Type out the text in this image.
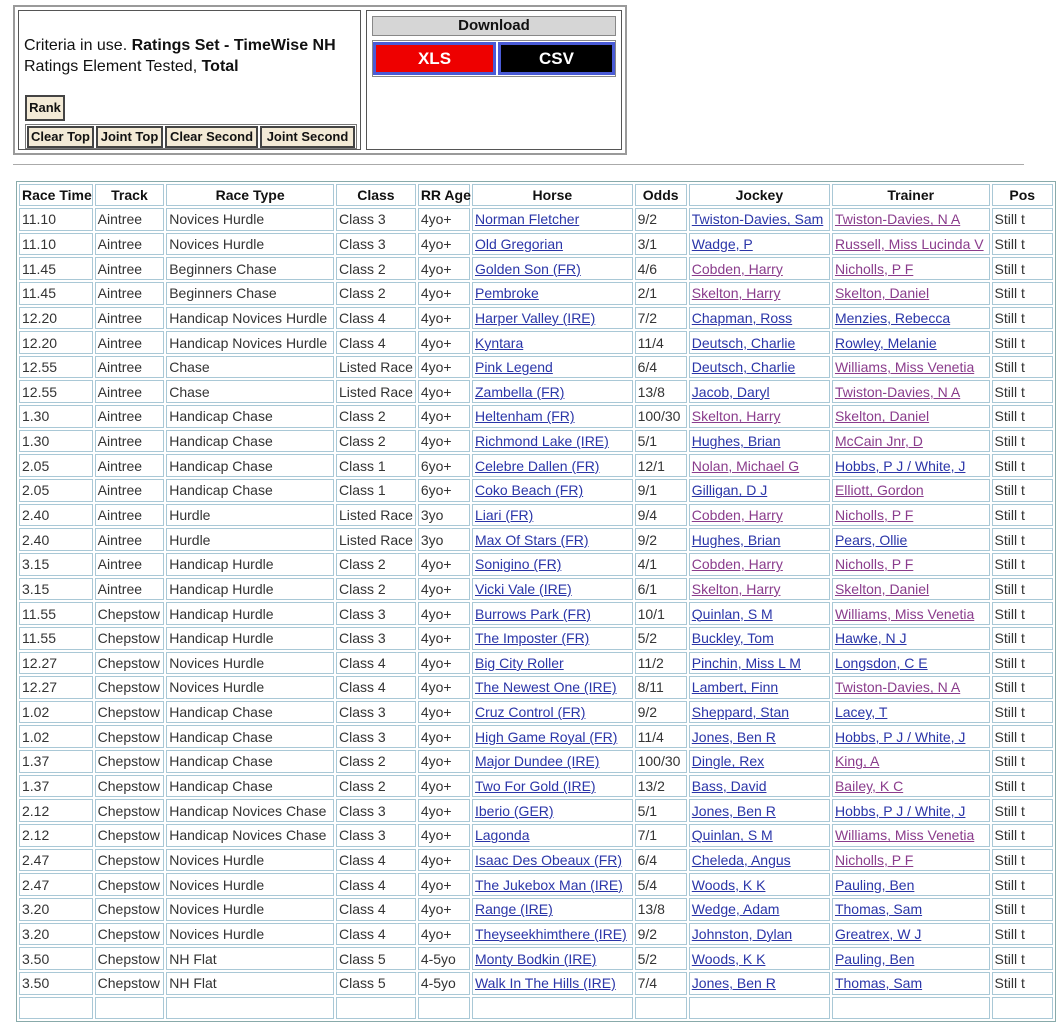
Criteria in use. Ratings Set - TimeWise NH
Ratings Element Tested, Total
Rank
Clear Top Joint Top Clear Second	Joint Second
Download
XLS	CSV
Race Time	Track	Race Type	Class	RR Age	Horse	Odds	Jockey	Trainer	Pos
11.10	Aintree	Novices Hurdle	Class 3	4yo+	Norman Fletcher	9/2	Twiston-Davies, Sam	Twiston-Davies, N A	Still t
11.10	Aintree	Novices Hurdle	Class 3	4yo+	Old Gregorian	3/1	Wadge, P	Russell, Miss Lucinda V	Still t
11.45	Aintree	Beginners Chase	Class 2	4yo+	Golden Son (FR)	4/6	Cobden, Harry	Nicholls, P F	Still t
11.45	Aintree	Beginners Chase	Class 2	4yo+	Pembroke	2/1	Skelton, Harry	Skelton, Daniel	Still t
12.20	Aintree	Handicap Novices Hurdle	Class 4	4yo+	Harper Valley (IRE)	7/2	Chapman, Ross	Menzies, Rebecca	Still t
12.20	Aintree	Handicap Novices Hurdle	Class 4	4yo+	Kyntara	11/4	Deutsch, Charlie	Rowley, Melanie	Still t
12.55	Aintree	Chase	Listed Race	4yo+	Pink Legend	6/4	Deutsch, Charlie	Williams, Miss Venetia	Still t
12.55	Aintree	Chase	Listed Race	4yo+	Zambella (FR)	13/8	Jacob, Daryl	Twiston-Davies, N A	Still t
1.30	Aintree	Handicap Chase	Class 2	4yo+	Heltenham (FR)	100/30	Skelton, Harry	Skelton, Daniel	Still t
1.30	Aintree	Handicap Chase	Class 2	4yo+	Richmond Lake (IRE)	5/1	Hughes, Brian	McCain Jnr, D	Still t
2.05	Aintree	Handicap Chase	Class 1	6yo+	Celebre Dallen (FR)	12/1	Nolan, Michael G	Hobbs, P J / White, J	Still t
2.05	Aintree	Handicap Chase	Class 1	6yo+	Coko Beach (FR)	9/1	Gilligan, D J	Elliott, Gordon	Still t
2.40	Aintree	Hurdle	Listed Race	3yo	Liari (FR)	9/4	Cobden, Harry	Nicholls, P F	Still t
2.40	Aintree	Hurdle	Listed Race	3yo	Max Of Stars (FR)	9/2	Hughes, Brian	Pears, Ollie	Still t
3.15	Aintree	Handicap Hurdle	Class 2	4yo+	Sonigino (FR)	4/1	Cobden, Harry	Nicholls, P F	Still t
3.15	Aintree	Handicap Hurdle	Class 2	4yo+	Vicki Vale (IRE)	6/1	Skelton, Harry	Skelton, Daniel	Still t
11.55	Chepstow	Handicap Hurdle	Class 3	4yo+	Burrows Park (FR)	10/1	Quinlan, S M	Williams, Miss Venetia	Still t
11.55	Chepstow	Handicap Hurdle	Class 3	4yo+	The Imposter (FR)	5/2	Buckley, Tom	Hawke, N J	Still t
12.27	Chepstow	Novices Hurdle	Class 4	4yo+	Big City Roller	11/2	Pinchin, Miss L M	Longsdon, C E	Still t
12.27	Chepstow	Novices Hurdle	Class 4	4yo+	The Newest One (IRE)	8/11	Lambert, Finn	Twiston-Davies, N A	Still t
1.02	Chepstow	Handicap Chase	Class 3	4yo+	Cruz Control (FR)	9/2	Sheppard, Stan	Lacey, T	Still t
1.02	Chepstow	Handicap Chase	Class 3	4yo+	High Game Royal (FR)	11/4	Jones, Ben R	Hobbs, P J / White, J	Still t
1.37	Chepstow	Handicap Chase	Class 2	4yo+	Major Dundee (IRE)	100/30	Dingle, Rex	King, A	Still t
1.37	Chepstow	Handicap Chase	Class 2	4yo+	Two For Gold (IRE)	13/2	Bass, David	Bailey, K C	Still t
2.12	Chepstow	Handicap Novices Chase	Class 3	4yo+	Iberio (GER)	5/1	Jones, Ben R	Hobbs, P J / White, J	Still t
2.12	Chepstow	Handicap Novices Chase	Class 3	4yo+	Lagonda	7/1	Quinlan, S M	Williams, Miss Venetia	Still t
2.47	Chepstow	Novices Hurdle	Class 4	4yo+	Isaac Des Obeaux (FR)	6/4	Cheleda, Angus	Nicholls, P F	Still t
2.47	Chepstow	Novices Hurdle	Class 4	4yo+	The Jukebox Man (IRE)	5/4	Woods, K K	Pauling, Ben	Still t
3.20	Chepstow	Novices Hurdle	Class 4	4yo+	Range (IRE)	13/8	Wedge, Adam	Thomas, Sam	Still t
3.20	Chepstow	Novices Hurdle	Class 4	4yo+	Theyseekhimthere (IRE)	9/2	Johnston, Dylan	Greatrex, W J	Still t
3.50	Chepstow	NH Flat	Class 5	4-5yo	Monty Bodkin (IRE)	5/2	Woods, K K	Pauling, Ben	Still t
3.50	Chepstow	NH Flat	Class 5	4-5yo	Walk In The Hills (IRE)	7/4	Jones, Ben R	Thomas, Sam	Still t
